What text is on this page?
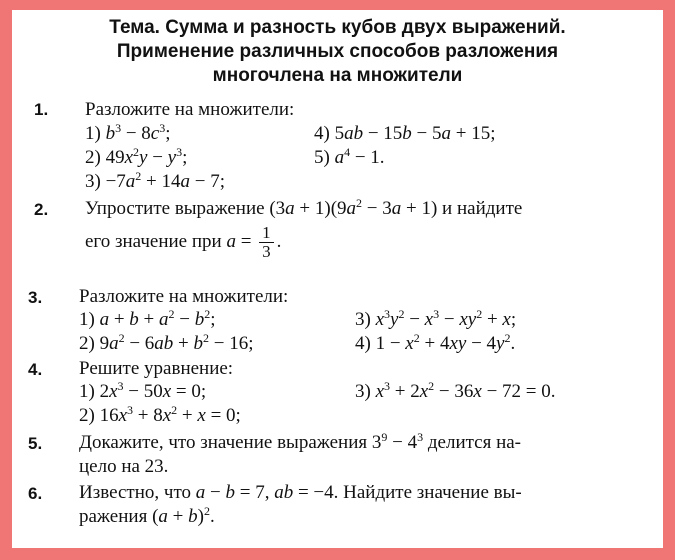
Тема. Сумма и разность кубов двух выражений.
Применение различных способов разложения
многочлена на множители
1. Разложите на множители:
1) $b^3 - 8c^3$;	4) 5ab − 15b − 5a + 15;
2) $49x^2y - y^3$;	5) $a^4 - 1$.
$3) -7a^2 + 14a - 7$;
2. Упростите выражение $(3a + 1)(9a^2 - 3a + 1)$ и найдите
его значение при $a = \frac{1}{3}$ .
3. Разложите на множители:
1) $a + b + a^2 - b^2$;	3) $x^3y^2 - x^3 - xy^2 + x$;
2) $9a^2 - 6ab + b^2 - 16$;	4) $1 - x^2 + 4xy - 4y^2$.
4. Решите уравнение:
1) $2x^3 - 50x = 0$;	3) $x^3 + 2x^2 - 36x - 72 = 0$.
2) $16x^3 + 8x^2 + x = 0$;
5. Докажите, что значение выражения $3^9 - 4^3$ делится на-
цело на 23.
6. Известно, что a − b = 7, ab = −4. Найдите значение вы-
ражения $(a + b)^2$.
